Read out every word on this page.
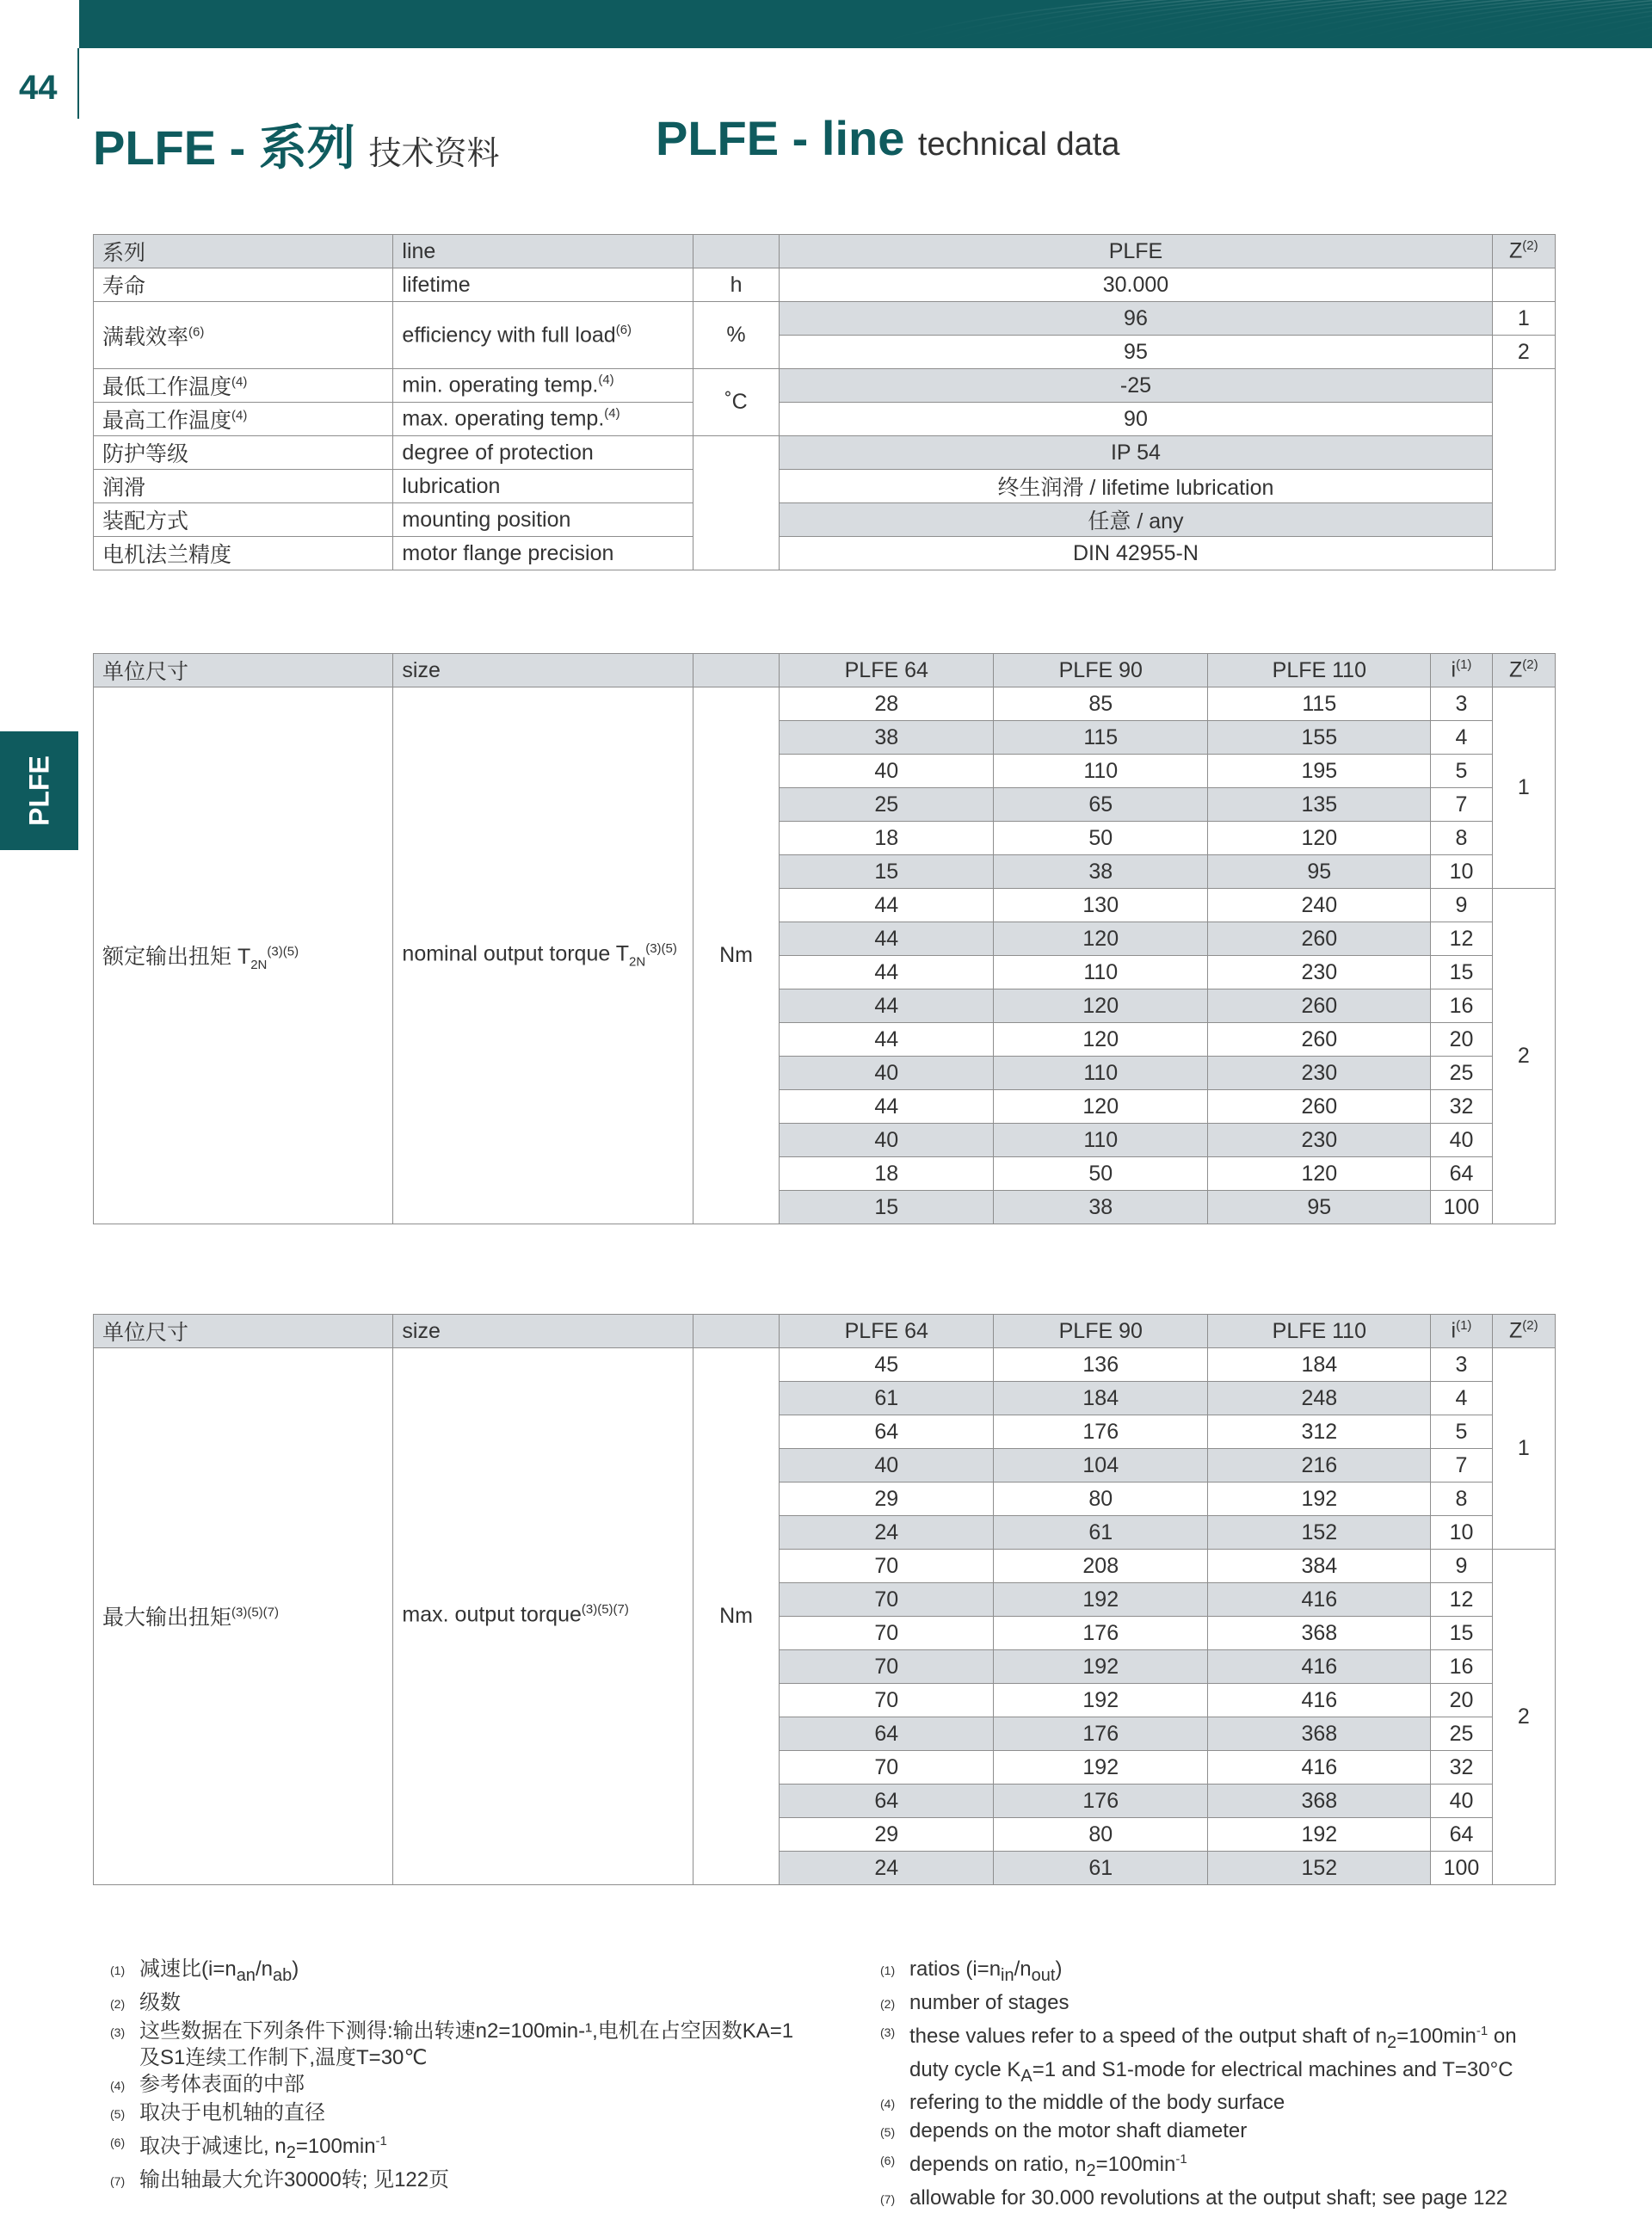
44
PLFE
PLFE - 系列 技术资料	PLFE - line technical data
系列	line		PLFE	$Z^{(2)}$
寿命	lifetime	h	30.000	
满载效率$^{(6)}$	efficiency with full load$^{(6)}$	%	96	1
			95	2
最低工作温度$^{(4)}$	min. operating temp.$^{(4)}$	˚C	-25	
最高工作温度$^{(4)}$	max. operating temp.$^{(4)}$		90	
防护等级	degree of protection		IP 54	
润滑	lubrication		终生润滑 / lifetime lubrication	
装配方式	mounting position		任意 / any	
电机法兰精度	motor flange precision		DIN 42955-N	
单位尺寸	size		PLFE 64	PLFE 90	PLFE 110	$i^{(1)}$	$Z^{(2)}$
额定输出扭矩 $T_{2N}^{(3)(5)}$	nominal output torque $T_{2N}^{(3)(5)}$	Nm	28	85	115	3	1
			38	115	155	4	
			40	110	195	5	
			25	65	135	7	
			18	50	120	8	
			15	38	95	10	
			44	130	240	9	2
			44	120	260	12	
			44	110	230	15	
			44	120	260	16	
			44	120	260	20	
			40	110	230	25	
			44	120	260	32	
			40	110	230	40	
			18	50	120	64	
			15	38	95	100	
单位尺寸	size		PLFE 64	PLFE 90	PLFE 110	$i^{(1)}$	$Z^{(2)}$
最大输出扭矩$^{(3)(5)(7)}$	max. output torque$^{(3)(5)(7)}$	Nm	45	136	184	3	1
			61	184	248	4	
			64	176	312	5	
			40	104	216	7	
			29	80	192	8	
			24	61	152	10	
			70	208	384	9	2
			70	192	416	12	
			70	176	368	15	
			70	192	416	16	
			70	192	416	20	
			64	176	368	25	
			70	192	416	32	
			64	176	368	40	
			29	80	192	64	
			24	61	152	100	
(1) 减速比$(i=n_{an}/n_{ab})$
(2) 级数
(3) 这些数据在下列条件下测得:输出转速n2=100min-¹,电机在占空因数KA=1
及S1连续工作制下,温度T=30℃
(4) 参考体表面的中部
(5) 取决于电机轴的直径
(6) 取决于减速比, $n_2=100\min^{-1}$
(7) 输出轴最大允许30000转; 见122页
(1) ratios $(i=n_{in}/n_{out})$
(2) number of stages
(3) these values refer to a speed of the output shaft of $n_2=100\min^{-1}$ on
duty cycle $K_A=1$ and S1-mode for electrical machines and T=30°C
(4) refering to the middle of the body surface
(5) depends on the motor shaft diameter
(6) depends on ratio, $n_2=100\min^{-1}$
(7) allowable for 30.000 revolutions at the output shaft; see page 122
